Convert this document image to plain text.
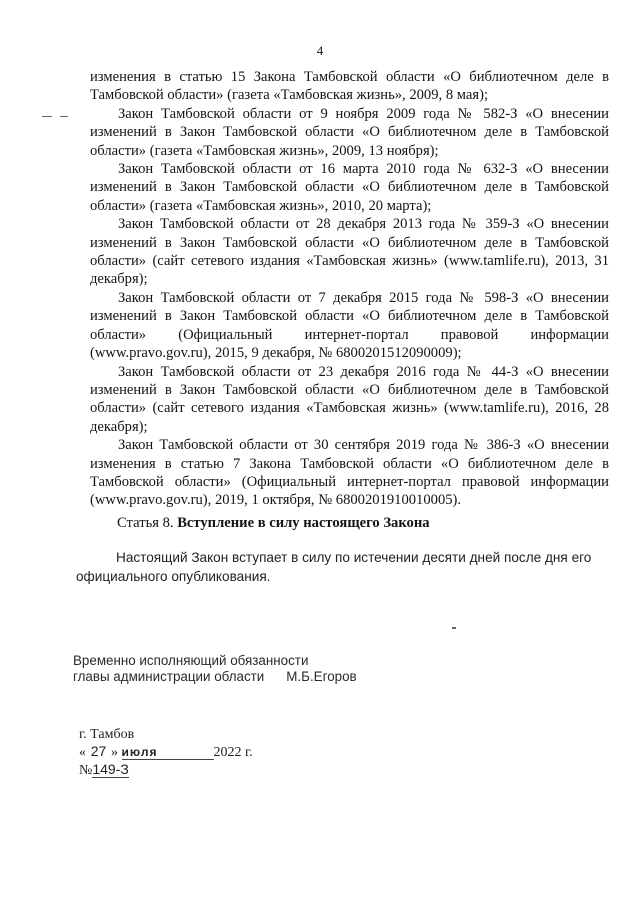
4

изменения в статью 15 Закона Тамбовской области «О библиотечном деле в Тамбовской области» (газета «Тамбовская жизнь», 2009, 8 мая);

Закон Тамбовской области от 9 ноября 2009 года № 582-З «О внесении изменений в Закон Тамбовской области «О библиотечном деле в Тамбовской области» (газета «Тамбовская жизнь», 2009, 13 ноября);

Закон Тамбовской области от 16 марта 2010 года № 632-З «О внесении изменений в Закон Тамбовской области «О библиотечном деле в Тамбовской области» (газета «Тамбовская жизнь», 2010, 20 марта);

Закон Тамбовской области от 28 декабря 2013 года № 359-З «О внесении изменений в Закон Тамбовской области «О библиотечном деле в Тамбовской области» (сайт сетевого издания «Тамбовская жизнь» (www.tamlife.ru), 2013, 31 декабря);

Закон Тамбовской области от 7 декабря 2015 года № 598-З «О внесении изменений в Закон Тамбовской области «О библиотечном деле в Тамбовской области» (Официальный интернет-портал правовой информации (www.pravo.gov.ru), 2015, 9 декабря, № 6800201512090009);

Закон Тамбовской области от 23 декабря 2016 года № 44-З «О внесении изменений в Закон Тамбовской области «О библиотечном деле в Тамбовской области» (сайт сетевого издания «Тамбовская жизнь» (www.tamlife.ru), 2016, 28 декабря);

Закон Тамбовской области от 30 сентября 2019 года № 386-З «О внесении изменения в статью 7 Закона Тамбовской области «О библиотечном деле в Тамбовской области» (Официальный интернет-портал правовой информации (www.pravo.gov.ru), 2019, 1 октября, № 6800201910010005).

Статья 8. Вступление в силу настоящего Закона

Настоящий Закон вступает в силу по истечении десяти дней после дня его официального опубликования.

Временно исполняющий обязанности
главы администрации области М.Б.Егоров
г. Тамбов
« 27 » июля	2022 г.
№149-З
